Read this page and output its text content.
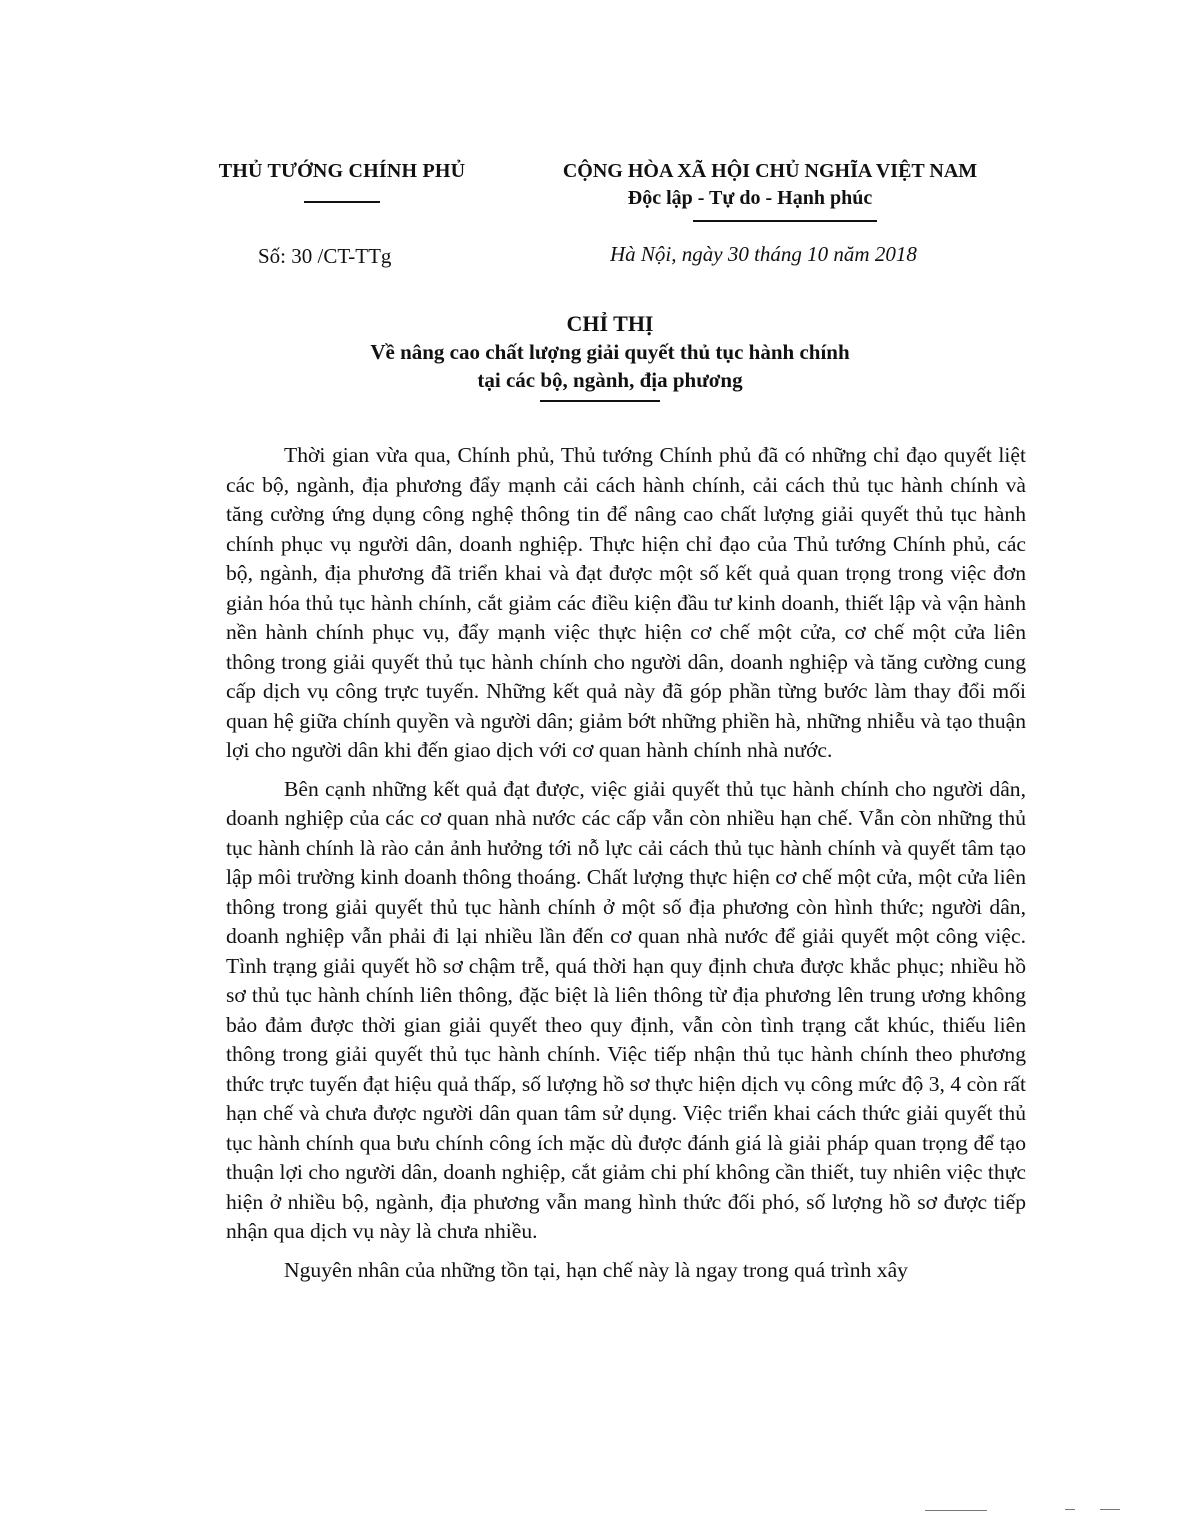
THỦ TƯỚNG CHÍNH PHỦ	CỘNG HÒA XÃ HỘI CHỦ NGHĨA VIỆT NAM
Độc lập - Tự do - Hạnh phúc
Số: 30 /CT-TTg	Hà Nội, ngày 30 tháng 10 năm 2018
CHỈ THỊ
Về nâng cao chất lượng giải quyết thủ tục hành chính
tại các bộ, ngành, địa phương

Thời gian vừa qua, Chính phủ, Thủ tướng Chính phủ đã có những chỉ đạo quyết liệt các bộ, ngành, địa phương đẩy mạnh cải cách hành chính, cải cách thủ tục hành chính và tăng cường ứng dụng công nghệ thông tin để nâng cao chất lượng giải quyết thủ tục hành chính phục vụ người dân, doanh nghiệp. Thực hiện chỉ đạo của Thủ tướng Chính phủ, các bộ, ngành, địa phương đã triển khai và đạt được một số kết quả quan trọng trong việc đơn giản hóa thủ tục hành chính, cắt giảm các điều kiện đầu tư kinh doanh, thiết lập và vận hành nền hành chính phục vụ, đẩy mạnh việc thực hiện cơ chế một cửa, cơ chế một cửa liên thông trong giải quyết thủ tục hành chính cho người dân, doanh nghiệp và tăng cường cung cấp dịch vụ công trực tuyến. Những kết quả này đã góp phần từng bước làm thay đổi mối quan hệ giữa chính quyền và người dân; giảm bớt những phiền hà, những nhiễu và tạo thuận lợi cho người dân khi đến giao dịch với cơ quan hành chính nhà nước.

Bên cạnh những kết quả đạt được, việc giải quyết thủ tục hành chính cho người dân, doanh nghiệp của các cơ quan nhà nước các cấp vẫn còn nhiều hạn chế. Vẫn còn những thủ tục hành chính là rào cản ảnh hưởng tới nỗ lực cải cách thủ tục hành chính và quyết tâm tạo lập môi trường kinh doanh thông thoáng. Chất lượng thực hiện cơ chế một cửa, một cửa liên thông trong giải quyết thủ tục hành chính ở một số địa phương còn hình thức; người dân, doanh nghiệp vẫn phải đi lại nhiều lần đến cơ quan nhà nước để giải quyết một công việc. Tình trạng giải quyết hồ sơ chậm trễ, quá thời hạn quy định chưa được khắc phục; nhiều hồ sơ thủ tục hành chính liên thông, đặc biệt là liên thông từ địa phương lên trung ương không bảo đảm được thời gian giải quyết theo quy định, vẫn còn tình trạng cắt khúc, thiếu liên thông trong giải quyết thủ tục hành chính. Việc tiếp nhận thủ tục hành chính theo phương thức trực tuyến đạt hiệu quả thấp, số lượng hồ sơ thực hiện dịch vụ công mức độ 3, 4 còn rất hạn chế và chưa được người dân quan tâm sử dụng. Việc triển khai cách thức giải quyết thủ tục hành chính qua bưu chính công ích mặc dù được đánh giá là giải pháp quan trọng để tạo thuận lợi cho người dân, doanh nghiệp, cắt giảm chi phí không cần thiết, tuy nhiên việc thực hiện ở nhiều bộ, ngành, địa phương vẫn mang hình thức đối phó, số lượng hồ sơ được tiếp nhận qua dịch vụ này là chưa nhiều.

Nguyên nhân của những tồn tại, hạn chế này là ngay trong quá trình xây
